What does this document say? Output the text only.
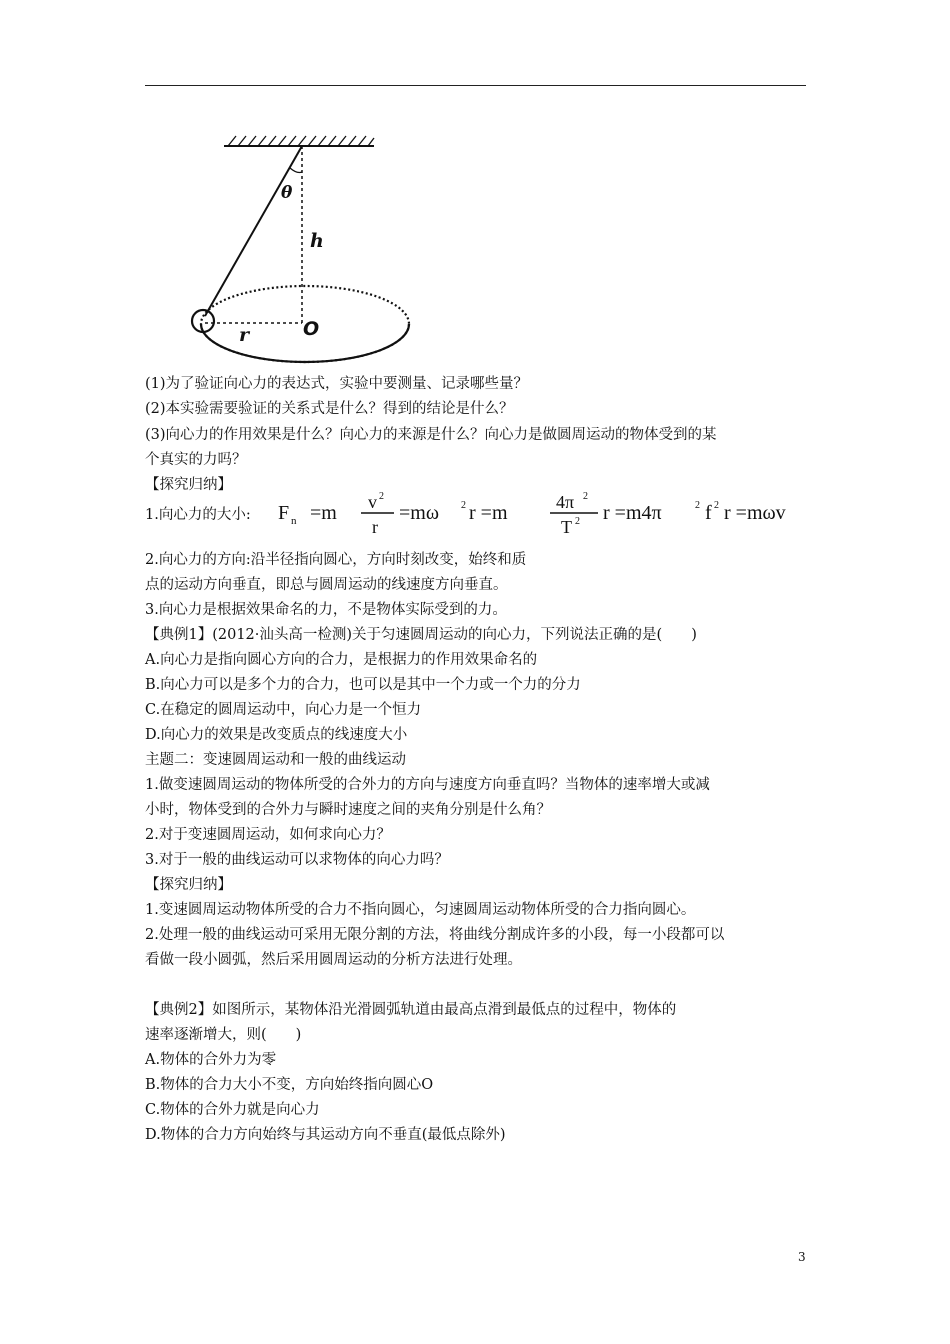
θ
h
r	O
(1)为了验证向心力的表达式，实验中要测量、记录哪些量？
(2)本实验需要验证的关系式是什么？得到的结论是什么？
(3)向心力的作用效果是什么？向心力的来源是什么？向心力是做圆周运动的物体受到的某
个真实的力吗？
【探究归纳】
1.向心力的大小: F n =m v 2
r
=mω 2 r =m	4π 2
T 2 r =m4π	2 f 2 r =mωv
2.向心力的方向:沿半径指向圆心，方向时刻改变，始终和质
点的运动方向垂直，即总与圆周运动的线速度方向垂直。
3.向心力是根据效果命名的力，不是物体实际受到的力。
【典例1】(2012·汕头高一检测)关于匀速圆周运动的向心力，下列说法正确的是(　　)
A.向心力是指向圆心方向的合力，是根据力的作用效果命名的
B.向心力可以是多个力的合力，也可以是其中一个力或一个力的分力
C.在稳定的圆周运动中，向心力是一个恒力
D.向心力的效果是改变质点的线速度大小
主题二：变速圆周运动和一般的曲线运动
1.做变速圆周运动的物体所受的合外力的方向与速度方向垂直吗？当物体的速率增大或减
小时，物体受到的合外力与瞬时速度之间的夹角分别是什么角？
2.对于变速圆周运动，如何求向心力？
3.对于一般的曲线运动可以求物体的向心力吗？
【探究归纳】
1.变速圆周运动物体所受的合力不指向圆心，匀速圆周运动物体所受的合力指向圆心。
2.处理一般的曲线运动可采用无限分割的方法，将曲线分割成许多的小段，每一小段都可以
看做一段小圆弧，然后采用圆周运动的分析方法进行处理。
【典例2】如图所示，某物体沿光滑圆弧轨道由最高点滑到最低点的过程中，物体的
速率逐渐增大，则(　　)
A.物体的合外力为零
B.物体的合力大小不变，方向始终指向圆心O
C.物体的合外力就是向心力
D.物体的合力方向始终与其运动方向不垂直(最低点除外)
3
